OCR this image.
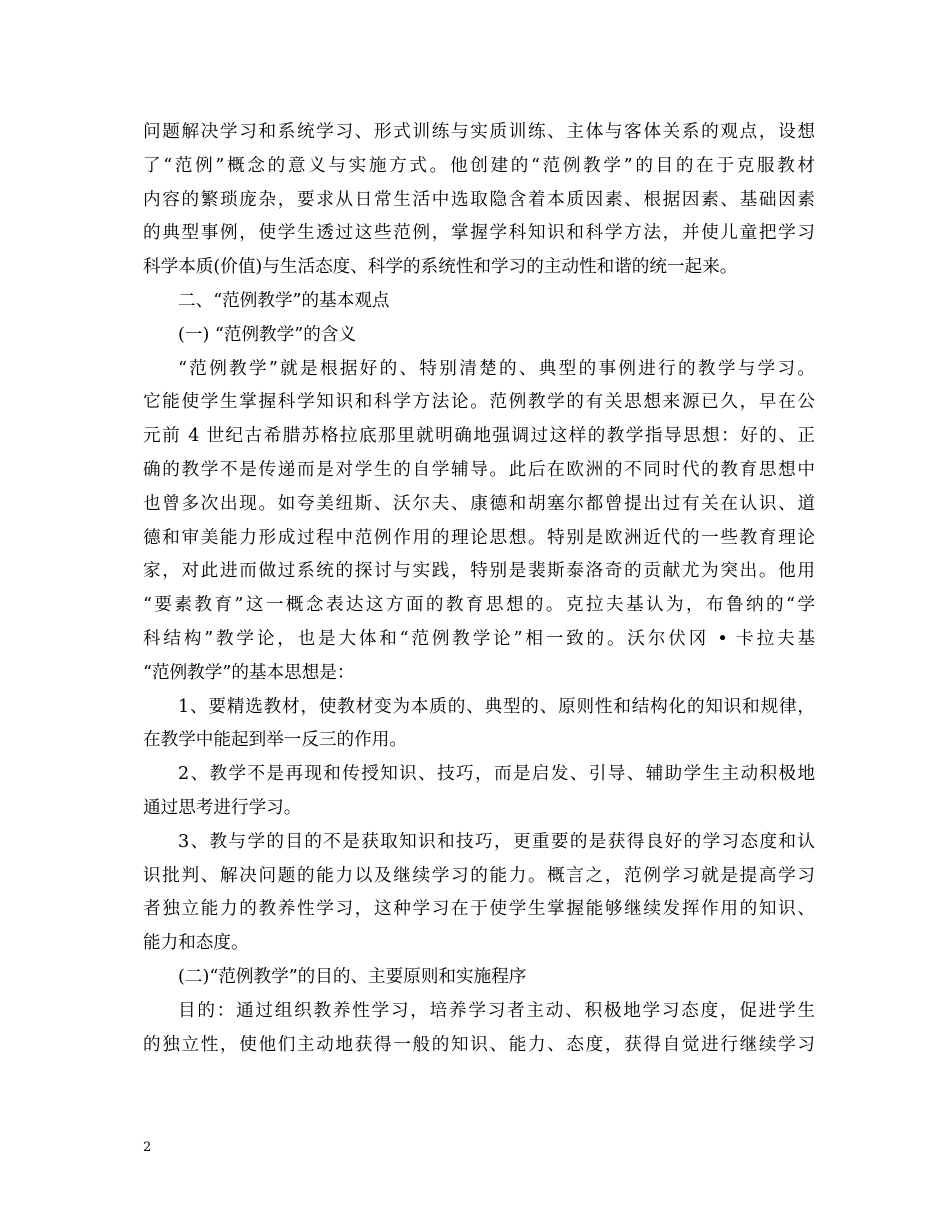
问题解决学习和系统学习、形式训练与实质训练、主体与客体关系的观点，设想
了“范例”概念的意义与实施方式。他创建的“范例教学”的目的在于克服教材
内容的繁琐庞杂，要求从日常生活中选取隐含着本质因素、根据因素、基础因素
的典型事例，使学生透过这些范例，掌握学科知识和科学方法，并使儿童把学习
科学本质(价值)与生活态度、科学的系统性和学习的主动性和谐的统一起来。
二、“范例教学”的基本观点
(一) “范例教学”的含义
“范例教学”就是根据好的、特别清楚的、典型的事例进行的教学与学习。
它能使学生掌握科学知识和科学方法论。范例教学的有关思想来源已久，早在公
元前 4 世纪古希腊苏格拉底那里就明确地强调过这样的教学指导思想：好的、正
确的教学不是传递而是对学生的自学辅导。此后在欧洲的不同时代的教育思想中
也曾多次出现。如夸美纽斯、沃尔夫、康德和胡塞尔都曾提出过有关在认识、道
德和审美能力形成过程中范例作用的理论思想。特别是欧洲近代的一些教育理论
家，对此进而做过系统的探讨与实践，特别是裴斯泰洛奇的贡献尤为突出。他用
“要素教育”这一概念表达这方面的教育思想的。克拉夫基认为，布鲁纳的“学
科结构”教学论，也是大体和“范例教学论”相一致的。沃尔伏冈 • 卡拉夫基
“范例教学”的基本思想是：
1、要精选教材，使教材变为本质的、典型的、原则性和结构化的知识和规律，
在教学中能起到举一反三的作用。
2、教学不是再现和传授知识、技巧，而是启发、引导、辅助学生主动积极地
通过思考进行学习。
3、教与学的目的不是获取知识和技巧，更重要的是获得良好的学习态度和认
识批判、解决问题的能力以及继续学习的能力。概言之，范例学习就是提高学习
者独立能力的教养性学习，这种学习在于使学生掌握能够继续发挥作用的知识、
能力和态度。
(二)“范例教学”的目的、主要原则和实施程序
目的：通过组织教养性学习，培养学习者主动、积极地学习态度，促进学生
的独立性，使他们主动地获得一般的知识、能力、态度，获得自觉进行继续学习
2
